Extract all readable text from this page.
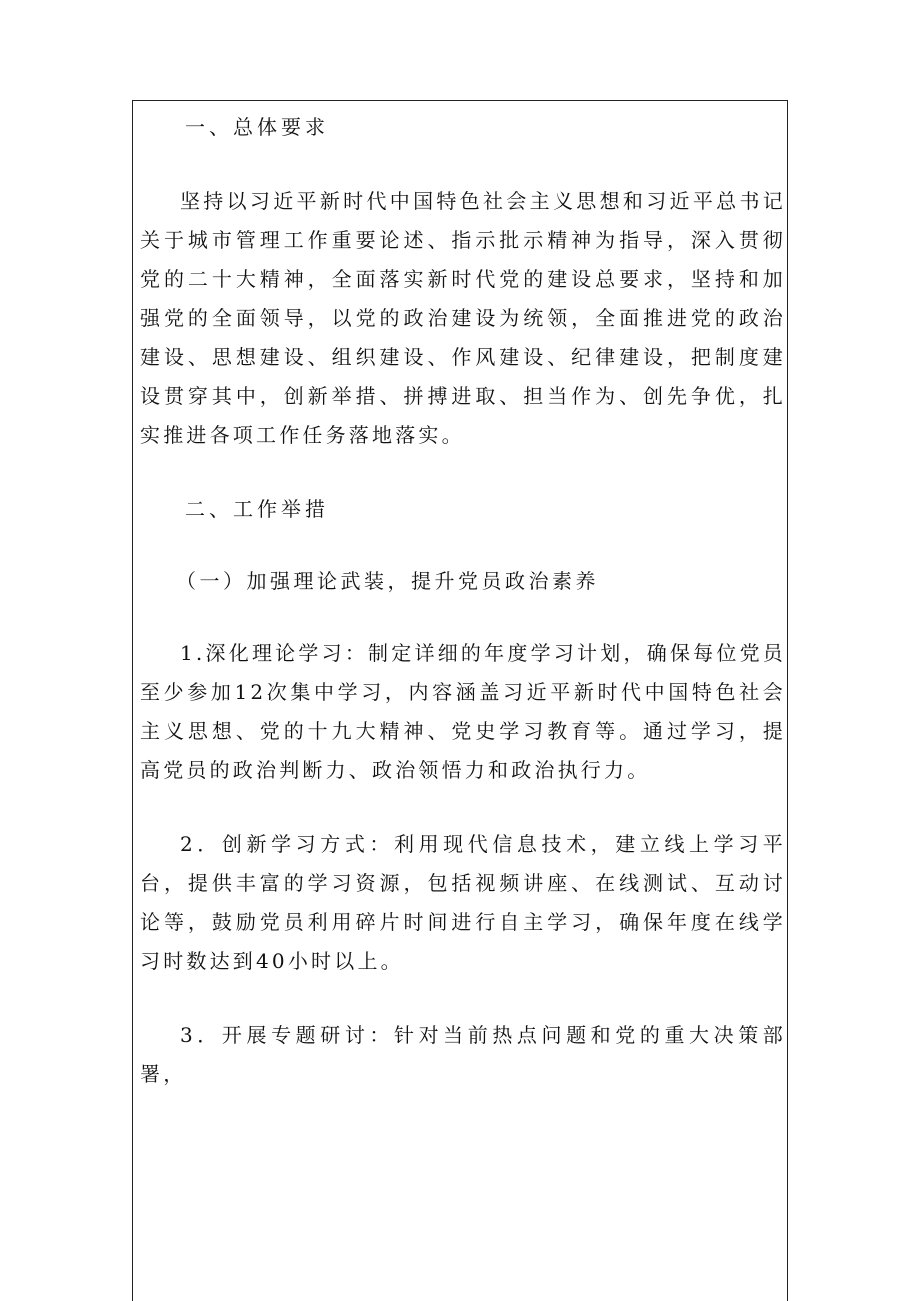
一、总体要求

坚持以习近平新时代中国特色社会主义思想和习近平总书记关于城市管理工作重要论述、指示批示精神为指导，深入贯彻党的二十大精神，全面落实新时代党的建设总要求，坚持和加强党的全面领导，以党的政治建设为统领，全面推进党的政治建设、思想建设、组织建设、作风建设、纪律建设，把制度建设贯穿其中，创新举措、拼搏进取、担当作为、创先争优，扎实推进各项工作任务落地落实。

二、工作举措

（一）加强理论武装，提升党员政治素养

1.深化理论学习：制定详细的年度学习计划，确保每位党员至少参加12次集中学习，内容涵盖习近平新时代中国特色社会主义思想、党的十九大精神、党史学习教育等。通过学习，提高党员的政治判断力、政治领悟力和政治执行力。

2．创新学习方式：利用现代信息技术，建立线上学习平台，提供丰富的学习资源，包括视频讲座、在线测试、互动讨论等，鼓励党员利用碎片时间进行自主学习，确保年度在线学习时数达到40小时以上。

3．开展专题研讨：针对当前热点问题和党的重大决策部署，
